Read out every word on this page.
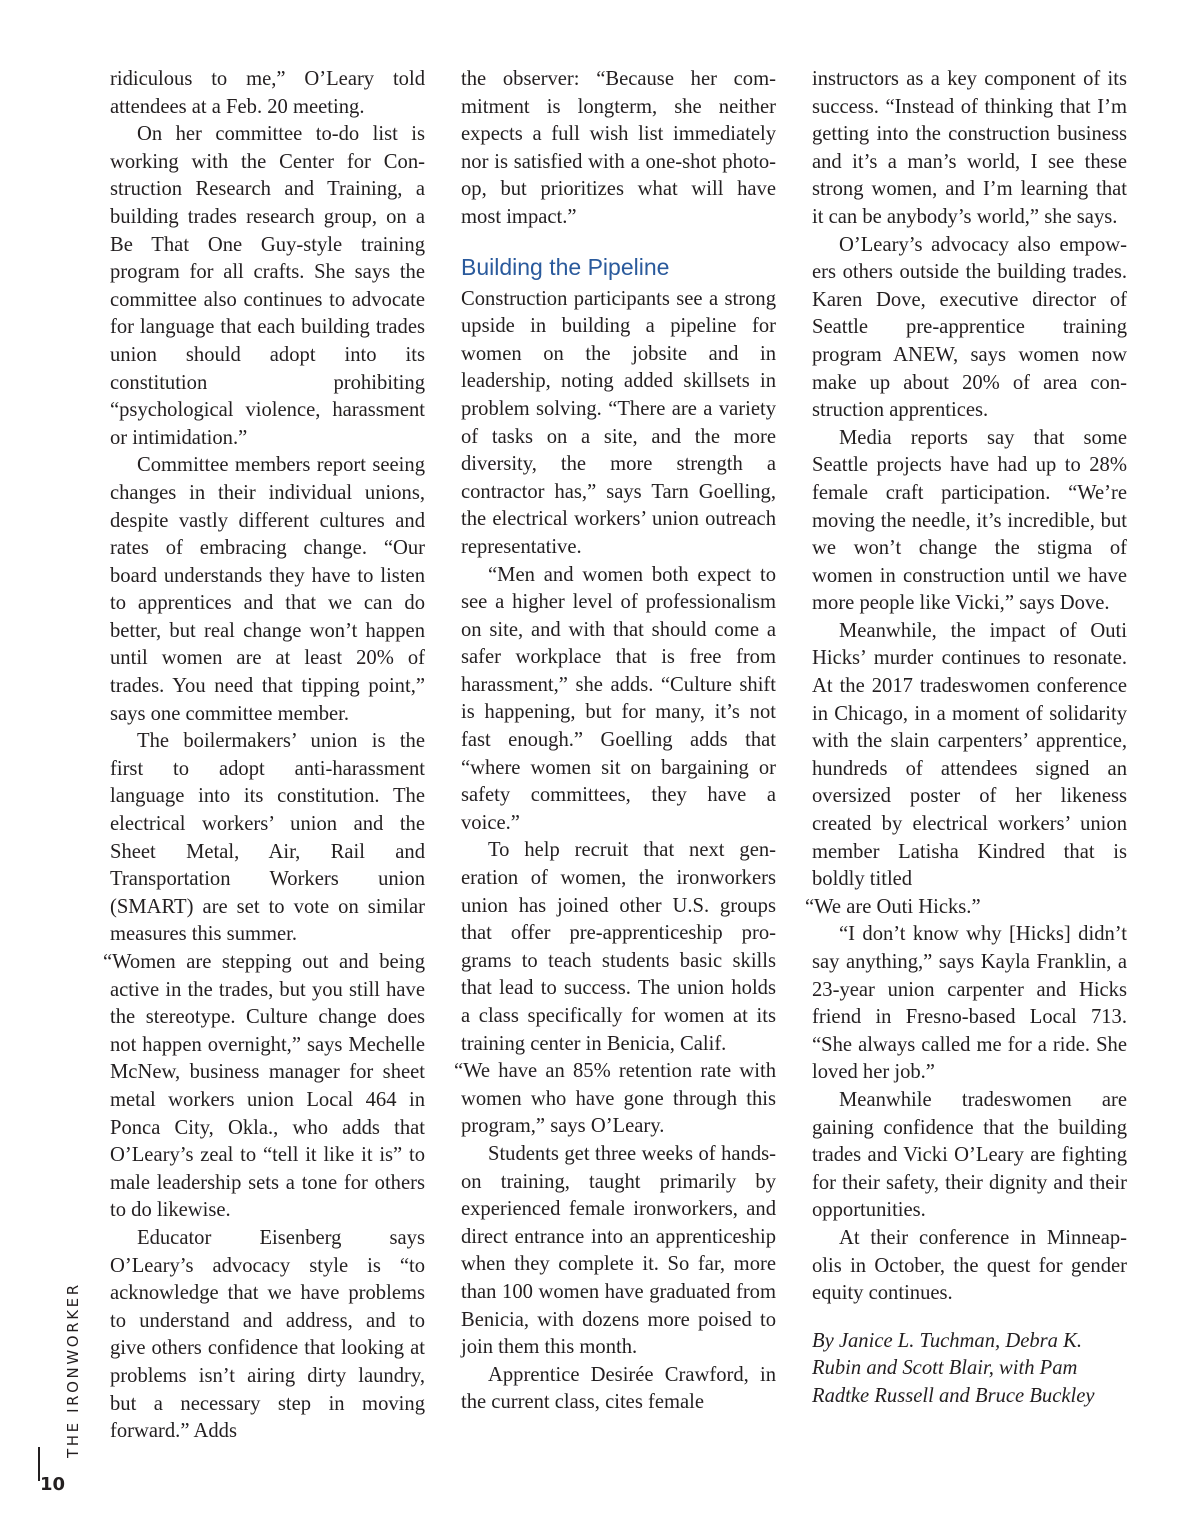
ridiculous to me,” O’Leary told attendees at a Feb. 20 meeting.

On her committee to-do list is working with the Center for Construction Research and Training, a building trades research group, on a Be That One Guy-style training program for all crafts. She says the committee also continues to advocate for language that each building trades union should adopt into its constitution prohibiting “psychological violence, harassment or intimidation.”

Committee members report seeing changes in their individual unions, despite vastly different cultures and rates of embracing change. “Our board understands they have to listen to apprentices and that we can do better, but real change won’t happen until women are at least 20% of trades. You need that tipping point,” says one committee member.

The boilermakers’ union is the first to adopt anti-harassment language into its constitution. The electrical workers’ union and the Sheet Metal, Air, Rail and Transportation Workers union (SMART) are set to vote on similar measures this summer.

“Women are stepping out and being active in the trades, but you still have the stereotype. Culture change does not happen overnight,” says Mechelle McNew, business manager for sheet metal workers union Local 464 in Ponca City, Okla., who adds that O’Leary’s zeal to “tell it like it is” to male leadership sets a tone for others to do likewise.

Educator Eisenberg says O’Leary’s advocacy style is “to acknowledge that we have problems to understand and address, and to give others confidence that looking at problems isn’t airing dirty laundry, but a necessary step in moving forward.” Adds

the observer: “Because her commitment is longterm, she neither expects a full wish list immediately nor is satisfied with a one-shot photo-op, but prioritizes what will have most impact.”

Building the Pipeline

Construction participants see a strong upside in building a pipeline for women on the jobsite and in leadership, noting added skillsets in problem solving. “There are a variety of tasks on a site, and the more diversity, the more strength a contractor has,” says Tarn Goelling, the electrical workers’ union outreach representative.

“Men and women both expect to see a higher level of professionalism on site, and with that should come a safer workplace that is free from harassment,” she adds. “Culture shift is happening, but for many, it’s not fast enough.” Goelling adds that “where women sit on bargaining or safety committees, they have a voice.”

To help recruit that next generation of women, the ironworkers union has joined other U.S. groups that offer pre-apprenticeship programs to teach students basic skills that lead to success. The union holds a class specifically for women at its training center in Benicia, Calif.

“We have an 85% retention rate with women who have gone through this program,” says O’Leary.

Students get three weeks of hands-on training, taught primarily by experienced female ironworkers, and direct entrance into an apprenticeship when they complete it. So far, more than 100 women have graduated from Benicia, with dozens more poised to join them this month.

Apprentice Desirée Crawford, in the current class, cites female

instructors as a key component of its success. “Instead of thinking that I’m getting into the construction business and it’s a man’s world, I see these strong women, and I’m learning that it can be anybody’s world,” she says.

O’Leary’s advocacy also empowers others outside the building trades. Karen Dove, executive director of Seattle pre-apprentice training program ANEW, says women now make up about 20% of area construction apprentices.

Media reports say that some Seattle projects have had up to 28% female craft participation. “We’re moving the needle, it’s incredible, but we won’t change the stigma of women in construction until we have more people like Vicki,” says Dove.

Meanwhile, the impact of Outi Hicks’ murder continues to resonate. At the 2017 tradeswomen conference in Chicago, in a moment of solidarity with the slain carpenters’ apprentice, hundreds of attendees signed an oversized poster of her likeness created by electrical workers’ union member Latisha Kindred that is boldly titled

“We are Outi Hicks.”

“I don’t know why [Hicks] didn’t say anything,” says Kayla Franklin, a 23-year union carpenter and Hicks friend in Fresno-based Local 713. “She always called me for a ride. She loved her job.”

Meanwhile tradeswomen are gaining confidence that the building trades and Vicki O’Leary are fighting for their safety, their dignity and their opportunities.

At their conference in Minneapolis in October, the quest for gender equity continues.

By Janice L. Tuchman, Debra K. Rubin and Scott Blair, with Pam Radtke Russell and Bruce Buckley

THE IRONWORKER
10
